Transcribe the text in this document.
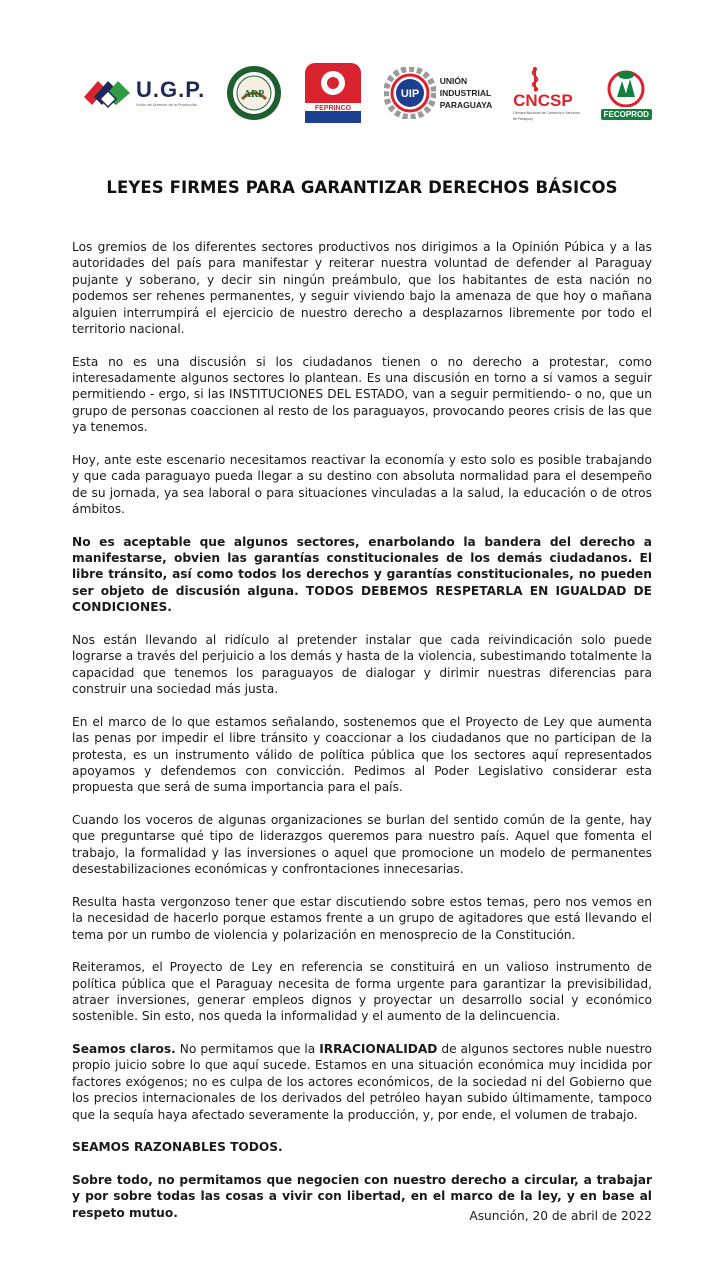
U.G.P.
Unión de Gremios de la Producción
ARP
FEPRINCO
UIP
UNIÓN
INDUSTRIAL
PARAGUAYA CNCSP
Cámara Nacional de Comercio y Servicios
de Paraguay	FECOPROD
LEYES FIRMES PARA GARANTIZAR DERECHOS BÁSICOS

Los gremios de los diferentes sectores productivos nos dirigimos a la Opinión Púbica y a las autoridades del país para manifestar y reiterar nuestra voluntad de defender al Paraguay pujante y soberano, y decir sin ningún preámbulo, que los habitantes de esta nación no podemos ser rehenes permanentes, y seguir viviendo bajo la amenaza de que hoy o mañana alguien interrumpirá el ejercicio de nuestro derecho a desplazarnos libremente por todo el territorio nacional.

Esta no es una discusión si los ciudadanos tienen o no derecho a protestar, como interesadamente algunos sectores lo plantean. Es una discusión en torno a si vamos a seguir permitiendo - ergo, si las INSTITUCIONES DEL ESTADO, van a seguir permitiendo- o no, que un grupo de personas coaccionen al resto de los paraguayos, provocando peores crisis de las que ya tenemos.

Hoy, ante este escenario necesitamos reactivar la economía y esto solo es posible trabajando y que cada paraguayo pueda llegar a su destino con absoluta normalidad para el desempeño de su jornada, ya sea laboral o para situaciones vinculadas a la salud, la educación o de otros ámbitos.

No es aceptable que algunos sectores, enarbolando la bandera del derecho a manifestarse, obvien las garantías constitucionales de los demás ciudadanos. El libre tránsito, así como todos los derechos y garantías constitucionales, no pueden ser objeto de discusión alguna. TODOS DEBEMOS RESPETARLA EN IGUALDAD DE CONDICIONES.

Nos están llevando al ridículo al pretender instalar que cada reivindicación solo puede lograrse a través del perjuicio a los demás y hasta de la violencia, subestimando totalmente la capacidad que tenemos los paraguayos de dialogar y dirimir nuestras diferencias para construir una sociedad más justa.

En el marco de lo que estamos señalando, sostenemos que el Proyecto de Ley que aumenta las penas por impedir el libre tránsito y coaccionar a los ciudadanos que no participan de la protesta, es un instrumento válido de política pública que los sectores aquí representados apoyamos y defendemos con convicción. Pedimos al Poder Legislativo considerar esta propuesta que será de suma importancia para el país.

Cuando los voceros de algunas organizaciones se burlan del sentido común de la gente, hay que preguntarse qué tipo de liderazgos queremos para nuestro país. Aquel que fomenta el trabajo, la formalidad y las inversiones o aquel que promocione un modelo de permanentes desestabilizaciones económicas y confrontaciones innecesarias.

Resulta hasta vergonzoso tener que estar discutiendo sobre estos temas, pero nos vemos en la necesidad de hacerlo porque estamos frente a un grupo de agitadores que está llevando el tema por un rumbo de violencia y polarización en menosprecio de la Constitución.

Reiteramos, el Proyecto de Ley en referencia se constituirá en un valioso instrumento de política pública que el Paraguay necesita de forma urgente para garantizar la previsibilidad, atraer inversiones, generar empleos dignos y proyectar un desarrollo social y económico sostenible. Sin esto, nos queda la informalidad y el aumento de la delincuencia.

Seamos claros. No permitamos que la IRRACIONALIDAD de algunos sectores nuble nuestro propio juicio sobre lo que aquí sucede. Estamos en una situación económica muy incidida por factores exógenos; no es culpa de los actores económicos, de la sociedad ni del Gobierno que los precios internacionales de los derivados del petróleo hayan subido últimamente, tampoco que la sequía haya afectado severamente la producción, y, por ende, el volumen de trabajo.

SEAMOS RAZONABLES TODOS.

Sobre todo, no permitamos que negocien con nuestro derecho a circular, a trabajar y por sobre todas las cosas a vivir con libertad, en el marco de la ley, y en base al respeto mutuo.	Asunción, 20 de abril de 2022
